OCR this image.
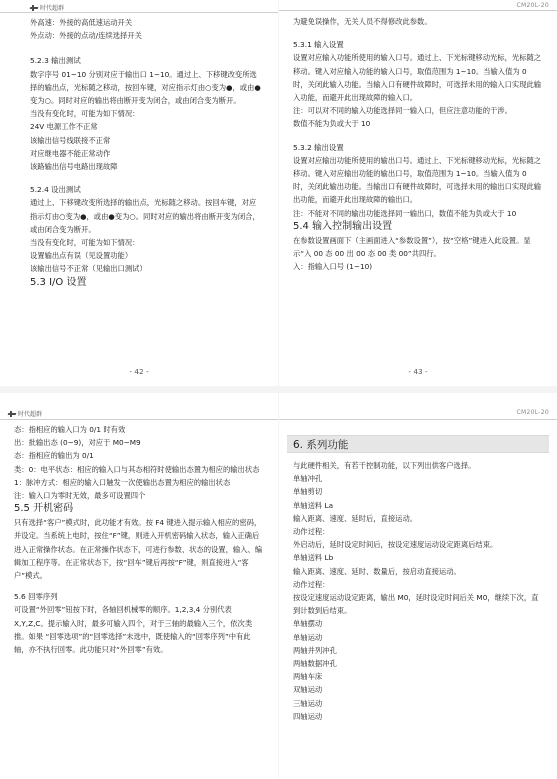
时代超群

外高速：外接的高低速运动开关

外点动：外接的点动/连续选择开关

5.2.3 输出测试

数字序号 01~10 分别对应于输出口 1~10。通过上、下移键改变所选择的输出点，光标随之移动，按回车键，对应指示灯由○变为●，或由●变为○。同时对应的输出将由断开变为闭合，或由闭合变为断开。

当没有变化时，可能为如下情况：

24V 电源工作不正常

该输出信号线联接不正常

对应继电器不能正常动作

该路输出信号电路出现故障

5.2.4 设出测试

通过上、下移键改变所选择的输出点，光标随之移动。按回车键，对应指示灯由○变为●，或由●变为○。同时对应的输出将由断开变为闭合，或由闭合变为断开。

当没有变化时，可能为如下情况：

设置输出点有误（见设置功能）

该输出信号不正常（见输出口测试）

5.3 I/O 设置

- 42 -
CM20L-20

为避免误操作，无关人员不得修改此参数。

5.3.1 输入设置

设置对应输入功能所使用的输入口号。通过上、下光标键移动光标，光标随之移动。键入对应输入功能的输入口号，取值范围为 1~10。当输入值为 0 时，关闭此输入功能。当输入口有硬件故障时，可选择未用的输入口实现此输入功能，而避开此出现故障的输入口。

注：可以对不同的输入功能选择同一输入口，但应注意功能的干涉。

数值不能为负或大于 10

5.3.2 输出设置

设置对应输出功能所使用的输出口号。通过上、下光标键移动光标，光标随之移动。键入对应输出功能的输出口号，取值范围为 1~10。当输入值为 0 时，关闭此输出功能。当输出口有硬件故障时，可选择未用的输出口实现此输出功能，而避开此出现故障的输出口。

注：不能对不同的输出功能选择同一输出口，数值不能为负或大于 10

5.4 输入控制输出设置

在参数设置画面下（主画面进入“参数设置”），按“空格”键进入此设置。显示“入 00 态 00 出 00 态 00 类 00”共四行。

入：指输入口号 (1~10)

- 43 -
时代超群

态：指相应的输入口为 0/1 时有效

出：批输出态 (0~9)，对应于 M0~M9

态：指相应的输出为 0/1

类：0：电平状态：相应的输入口与其态相符时使输出态置为相应的输出状态

1：脉冲方式：相应的输入口触发一次使输出态置为相应的输出状态

注：输入口为零时无效，最多可设置四个

5.5 开机密码

只有选择“客户”模式时，此功能才有效。按 F4 键进入提示输入相应的密码，并设定。当系统上电时，按住“F”键，则进入开机密码输入状态，输入正确后进入正常操作状态。在正常操作状态下，可进行参数、状态的设置，输入、编辑加工程序等。在正常状态下，按“回车”键后再按“F”键，则直接进入“客户”模式。

5.6 回零序列

可设置“外回零”钮按下时，各轴回机械零的顺序。1,2,3,4 分别代表 X,Y,Z,C。提示输入时，最多可输入四个，对于三轴的最输入三个，依次类推。如果 “回零选项”的“回零选择”未选中，既使输入的“回零序列”中有此轴，亦不执行回零。此功能只对“外回零”有效。

CM20L-20
6. 系列功能

与此硬件相关，有若干控制功能，以下列出供客户选择。

单轴冲孔

单轴剪切

单轴送料 La

输入距离、速度、延时后，直接运动。

动作过程：

外启动后，延时设定时间后，按设定速度运动设定距离后结束。

单轴送料 Lb

输入距离、速度、延时、数量后，按启动直接运动。

动作过程：

按设定速度运动设定距离，输出 M0，延时设定时间后关 M0，继续下次，直到计数到后结束。

单轴摆动

单轴运动

两轴并列冲孔

两轴数据冲孔

两轴车床

双轴运动

三轴运动

四轴运动
